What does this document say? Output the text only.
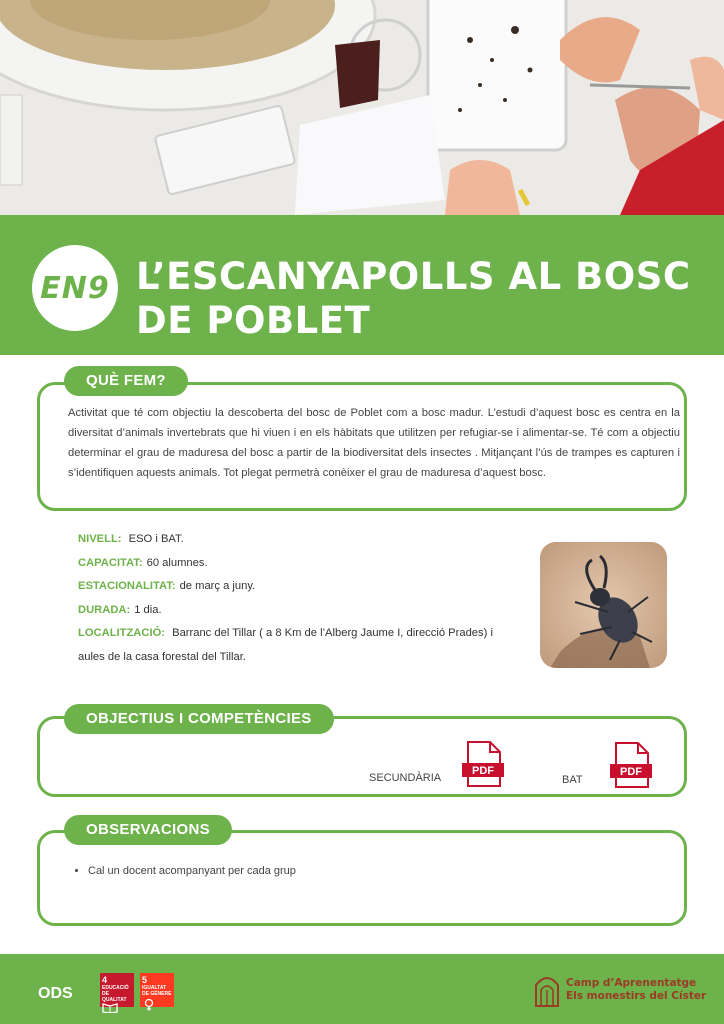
EN9 L’ESCANYAPOLLS AL BOSC DE POBLET

Activitat que té com objectiu la descoberta del bosc de Poblet com a bosc madur. L’estudi d’aquest bosc es centra en la diversitat d’animals invertebrats que hi viuen i en els hàbitats que utilitzen per refugiar-se i alimentar-se. Té com a objectiu determinar el grau de maduresa del bosc a partir de la biodiversitat dels insectes . Mitjançant l’ús de trampes es capturen i s’identifiquen aquests animals. Tot plegat permetrà conèixer el grau de maduresa d’aquest bosc.

QUÈ FEM?
NIVELL: ESO i BAT.
CAPACITAT: 60 alumnes.
ESTACIONALITAT: de març a juny.
DURADA: 1 dia.
LOCALITZACIÓ: Barranc del Tillar ( a 8 Km de l’Alberg Jaume I, direcció Prades) i
aules de la casa forestal del Tillar.
OBJECTIUS I COMPETÈNCIES
SECUNDÀRIA
PDF
BAT
PDF
• Cal un docent acompanyant per cada grup
OBSERVACIONS
ODS
4 EDUCACIÓ DE QUALITAT
5 IGUALTAT DE GÈNERE
Camp d’Aprenentatge
Els monestirs del Císter
